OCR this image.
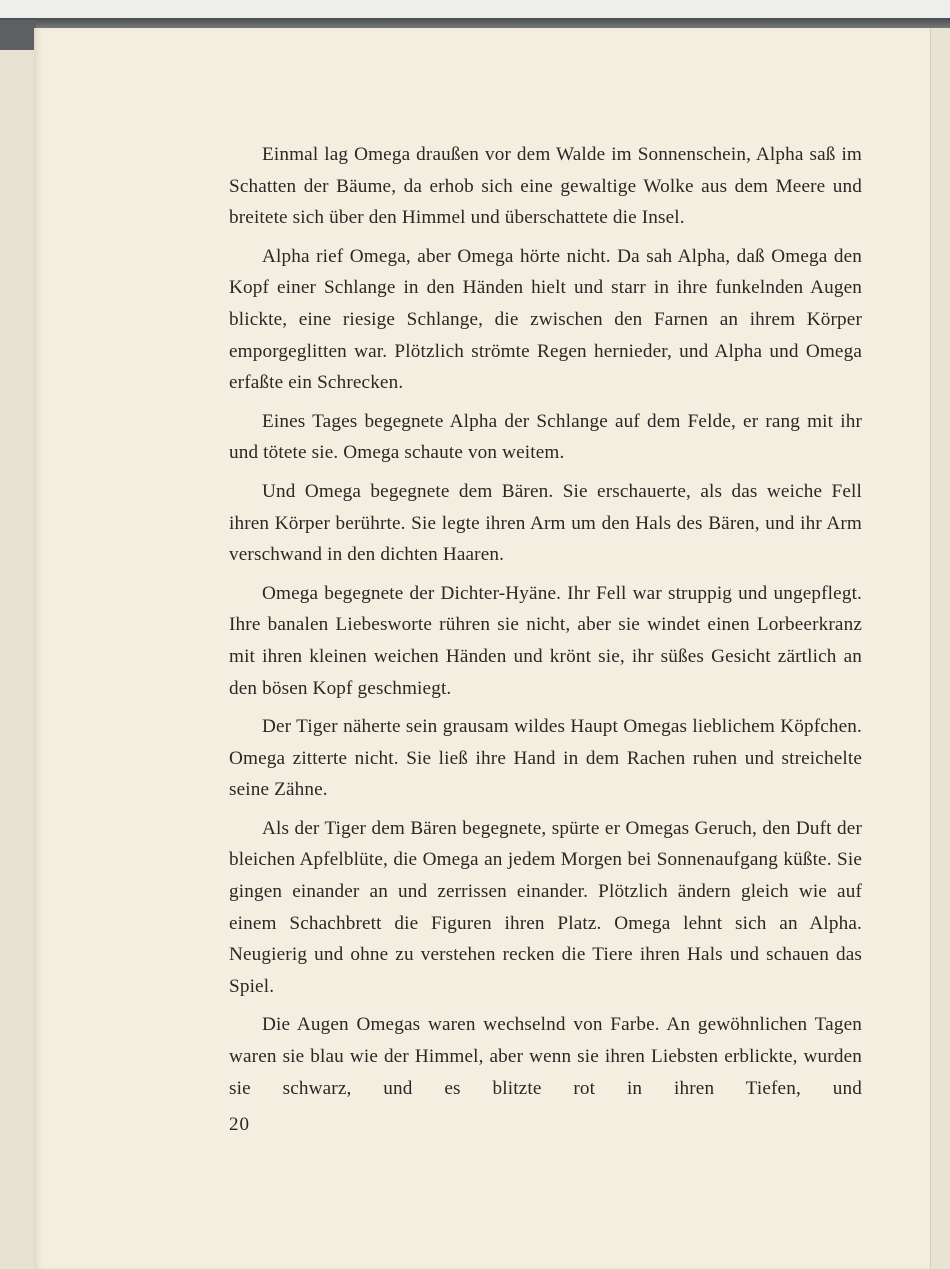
Einmal lag Omega draußen vor dem Walde im Sonnenschein, Alpha saß im Schatten der Bäume, da erhob sich eine gewaltige Wolke aus dem Meere und breitete sich über den Himmel und überschattete die Insel.

Alpha rief Omega, aber Omega hörte nicht. Da sah Alpha, daß Omega den Kopf einer Schlange in den Händen hielt und starr in ihre funkelnden Augen blickte, eine riesige Schlange, die zwischen den Farnen an ihrem Körper emporgeglitten war. Plötzlich strömte Regen hernieder, und Alpha und Omega erfaßte ein Schrecken.

Eines Tages begegnete Alpha der Schlange auf dem Felde, er rang mit ihr und tötete sie. Omega schaute von weitem.

Und Omega begegnete dem Bären. Sie erschauerte, als das weiche Fell ihren Körper berührte. Sie legte ihren Arm um den Hals des Bären, und ihr Arm verschwand in den dichten Haaren.

Omega begegnete der Dichter-Hyäne. Ihr Fell war struppig und ungepflegt. Ihre banalen Liebesworte rühren sie nicht, aber sie windet einen Lorbeerkranz mit ihren kleinen weichen Händen und krönt sie, ihr süßes Gesicht zärtlich an den bösen Kopf geschmiegt.

Der Tiger näherte sein grausam wildes Haupt Omegas lieblichem Köpfchen. Omega zitterte nicht. Sie ließ ihre Hand in dem Rachen ruhen und streichelte seine Zähne.

Als der Tiger dem Bären begegnete, spürte er Omegas Geruch, den Duft der bleichen Apfelblüte, die Omega an jedem Morgen bei Sonnenaufgang küßte. Sie gingen einander an und zerrissen einander. Plötzlich ändern gleich wie auf einem Schachbrett die Figuren ihren Platz. Omega lehnt sich an Alpha. Neugierig und ohne zu verstehen recken die Tiere ihren Hals und schauen das Spiel.

Die Augen Omegas waren wechselnd von Farbe. An gewöhnlichen Tagen waren sie blau wie der Himmel, aber wenn sie ihren Liebsten erblickte, wurden sie schwarz, und es blitzte rot in ihren Tiefen, und

20
